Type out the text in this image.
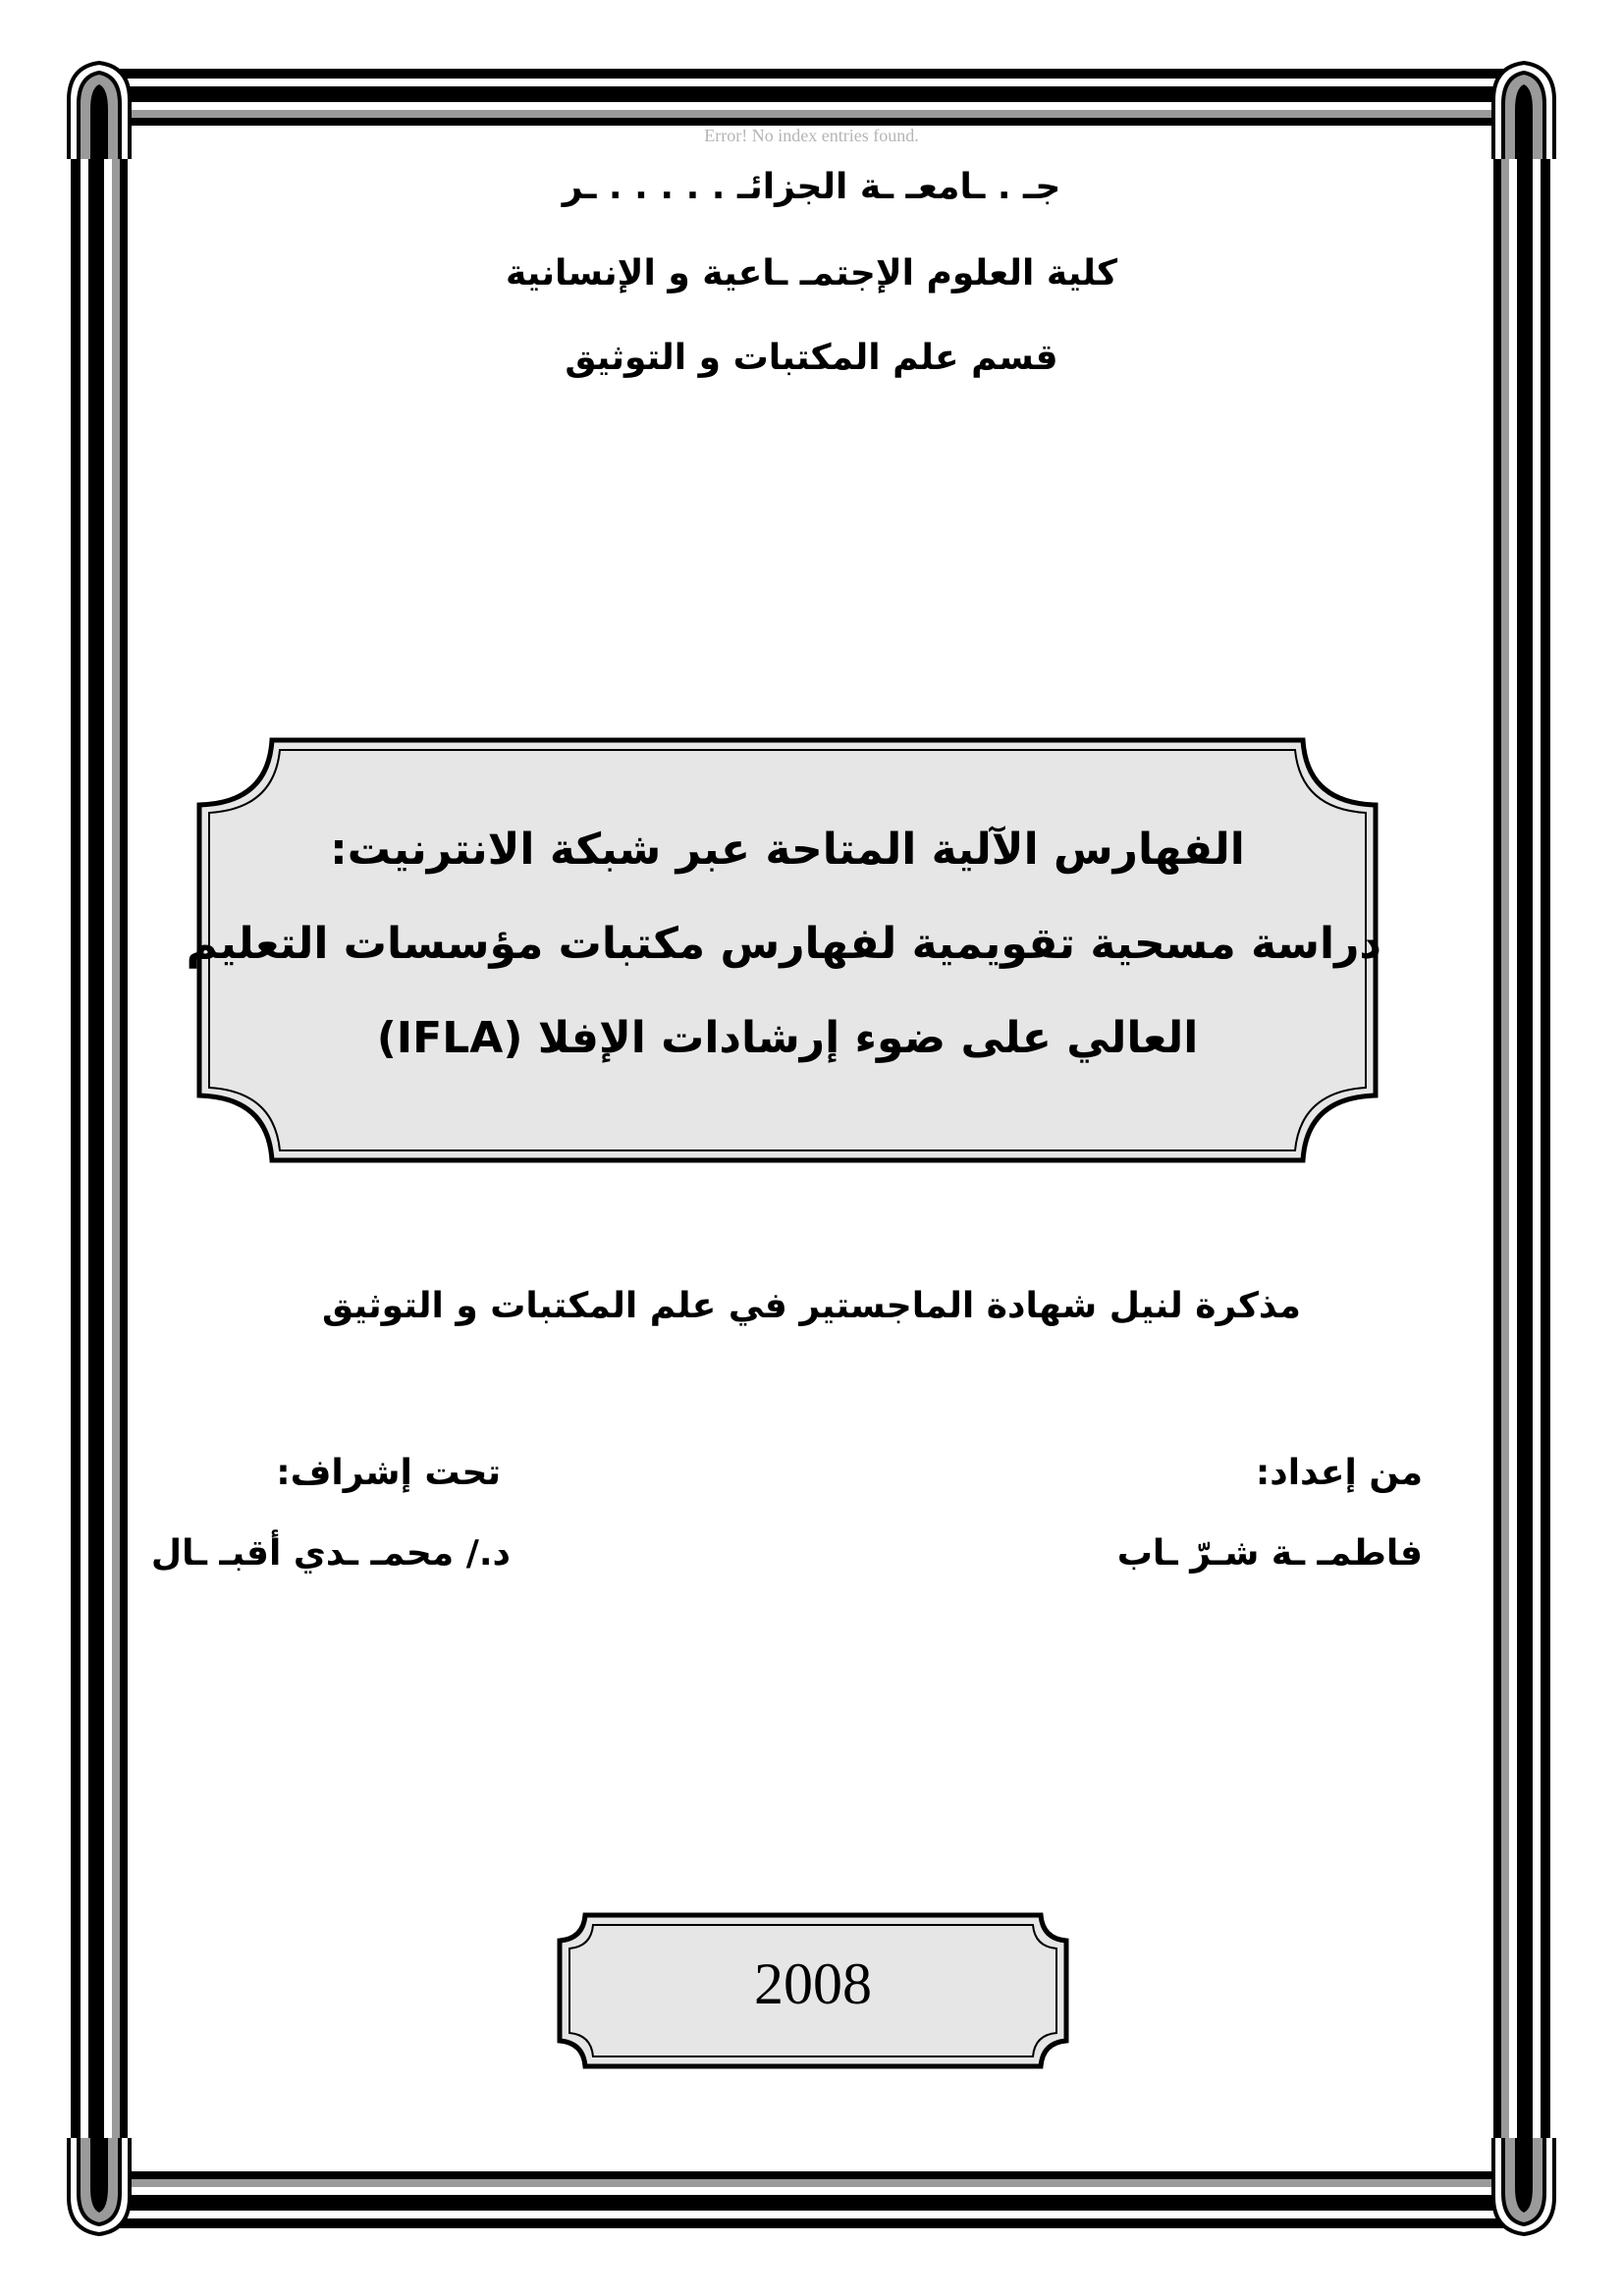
Error! No index entries found.
جـ . ـامعـ ـة الجزائـ . . . . . ـر
كلية العلوم الإجتمـ ـاعية و الإنسانية
قسم علم المكتبات و التوثيق
الفهارس الآلية المتاحة عبر شبكة الانترنيت:
دراسة مسحية تقويمية لفهارس مكتبات مؤسسات التعليم
العالي على ضوء إرشادات الإفلا (IFLA)
مذكرة لنيل شهادة الماجستير في علم المكتبات و التوثيق
من إعداد:
فاطمـ ـة شـرّ ـاب
تحت إشراف:
د./ محمـ ـدي أقبـ ـال
2008
